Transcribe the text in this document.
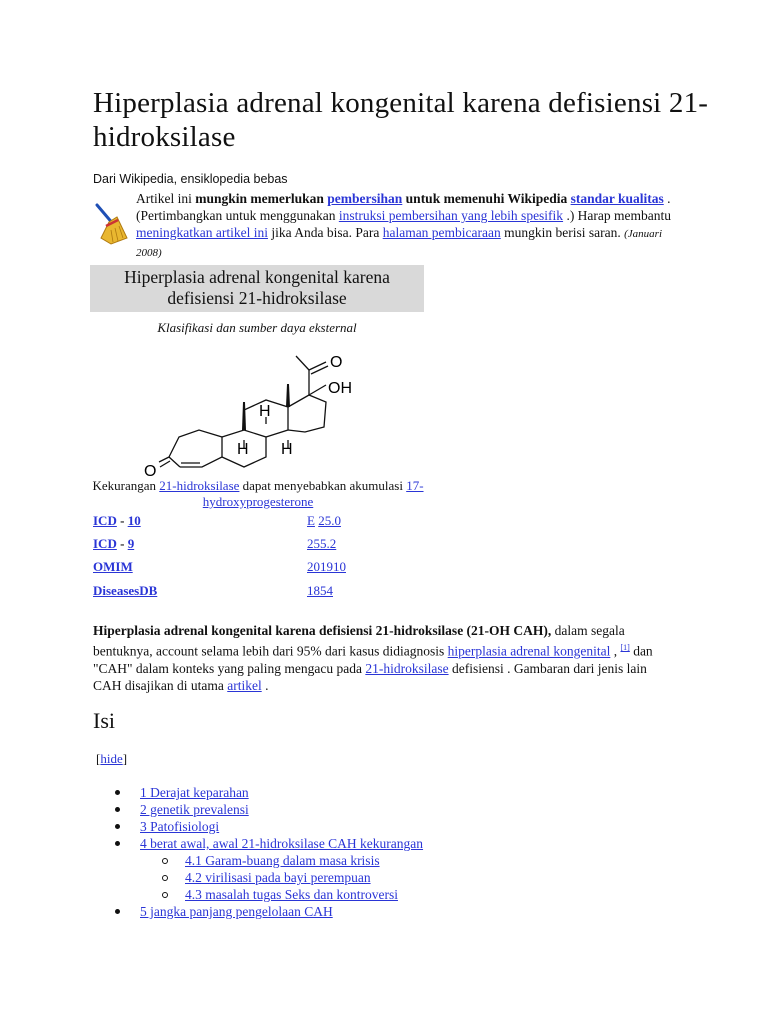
Hiperplasia adrenal kongenital karena defisiensi 21-hidroksilase
Dari Wikipedia, ensiklopedia bebas
Artikel ini mungkin memerlukan pembersihan untuk memenuhi Wikipedia standar kualitas . (Pertimbangkan untuk menggunakan instruksi pembersihan yang lebih spesifik .) Harap membantu meningkatkan artikel ini jika Anda bisa. Para halaman pembicaraan mungkin berisi saran. (Januari 2008)
Hiperplasia adrenal kongenital karena defisiensi 21-hidroksilase
Klasifikasi dan sumber daya eksternal
O
OH
H
H H
O
Kekurangan 21-hidroksilase dapat menyebabkan akumulasi 17-hydroxyprogesterone
ICD - 10	E 25.0
ICD - 9	255.2
OMIM	201910
DiseasesDB	1854
Hiperplasia adrenal kongenital karena defisiensi 21-hidroksilase (21-OH CAH), dalam segala bentuknya, account selama lebih dari 95% dari kasus didiagnosis hiperplasia adrenal kongenital , [1] dan "CAH" dalam konteks yang paling mengacu pada 21-hidroksilase defisiensi . Gambaran dari jenis lain CAH disajikan di utama artikel .
Isi
[hide]
1 Derajat keparahan
2 genetik prevalensi
3 Patofisiologi
4 berat awal, awal 21-hidroksilase CAH kekurangan
4.1 Garam-buang dalam masa krisis
4.2 virilisasi pada bayi perempuan
4.3 masalah tugas Seks dan kontroversi
5 jangka panjang pengelolaan CAH
